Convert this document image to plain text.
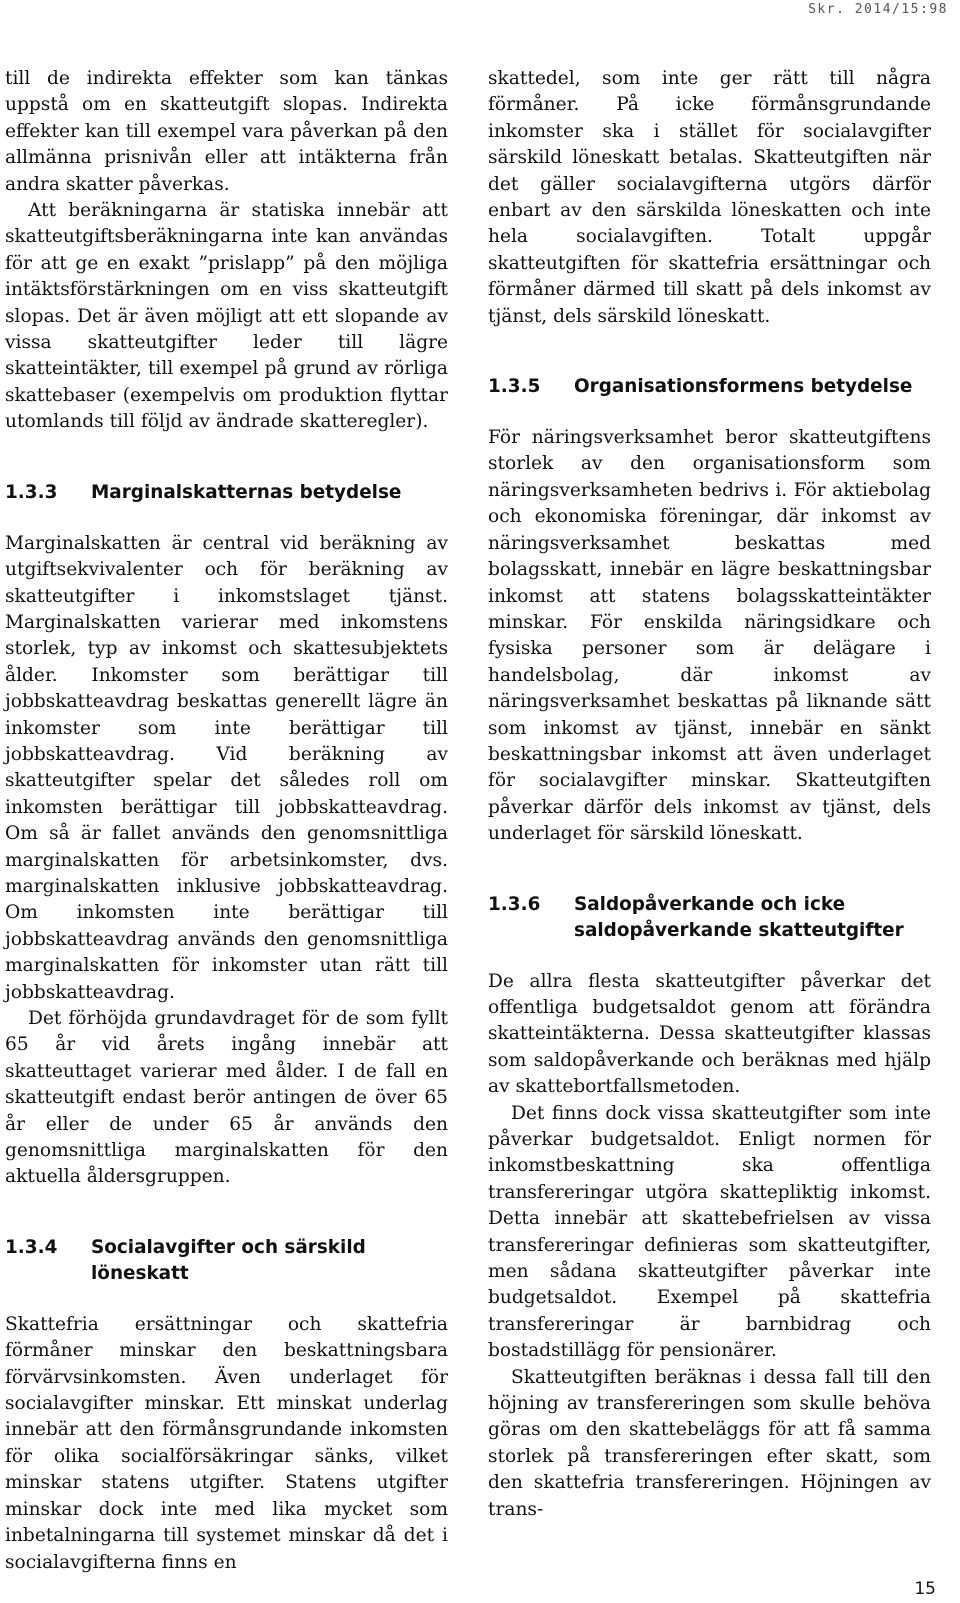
Skr. 2014/15:98

till de indirekta effekter som kan tänkas uppstå om en skatteutgift slopas. Indirekta effekter kan till exempel vara påverkan på den allmänna prisnivån eller att intäkterna från andra skatter påverkas.

Att beräkningarna är statiska innebär att skatteutgiftsberäkningarna inte kan användas för att ge en exakt ”prislapp” på den möjliga intäktsförstärkningen om en viss skatteutgift slopas. Det är även möjligt att ett slopande av vissa skatteutgifter leder till lägre skatteintäkter, till exempel på grund av rörliga skattebaser (exempelvis om produktion flyttar utomlands till följd av ändrade skatteregler).

1.3.3	Marginalskatternas betydelse

Marginalskatten är central vid beräkning av utgiftsekvivalenter och för beräkning av skatteutgifter i inkomstslaget tjänst. Marginalskatten varierar med inkomstens storlek, typ av inkomst och skattesubjektets ålder. Inkomster som berättigar till jobbskatteavdrag beskattas generellt lägre än inkomster som inte berättigar till jobbskatteavdrag. Vid beräkning av skatteutgifter spelar det således roll om inkomsten berättigar till jobbskatteavdrag. Om så är fallet används den genomsnittliga marginalskatten för arbetsinkomster, dvs. marginalskatten inklusive jobbskatteavdrag. Om inkomsten inte berättigar till jobbskatteavdrag används den genomsnittliga marginalskatten för inkomster utan rätt till jobbskatteavdrag.

Det förhöjda grundavdraget för de som fyllt 65 år vid årets ingång innebär att skatteuttaget varierar med ålder. I de fall en skatteutgift endast berör antingen de över 65 år eller de under 65 år används den genomsnittliga marginalskatten för den aktuella åldersgruppen.

1.3.4	Socialavgifter och särskild löneskatt

Skattefria ersättningar och skattefria förmåner minskar den beskattningsbara förvärvsinkomsten. Även underlaget för socialavgifter minskar. Ett minskat underlag innebär att den förmånsgrundande inkomsten för olika socialförsäkringar sänks, vilket minskar statens utgifter. Statens utgifter minskar dock inte med lika mycket som inbetalningarna till systemet minskar då det i socialavgifterna finns en

skattedel, som inte ger rätt till några förmåner. På icke förmånsgrundande inkomster ska i stället för socialavgifter särskild löneskatt betalas. Skatteutgiften när det gäller socialavgifterna utgörs därför enbart av den särskilda löneskatten och inte hela socialavgiften. Totalt uppgår skatteutgiften för skattefria ersättningar och förmåner därmed till skatt på dels inkomst av tjänst, dels särskild löneskatt.

1.3.5	Organisationsformens betydelse

För näringsverksamhet beror skatteutgiftens storlek av den organisationsform som näringsverksamheten bedrivs i. För aktiebolag och ekonomiska föreningar, där inkomst av näringsverksamhet beskattas med bolagsskatt, innebär en lägre beskattningsbar inkomst att statens bolagsskatteintäkter minskar. För enskilda näringsidkare och fysiska personer som är delägare i handelsbolag, där inkomst av näringsverksamhet beskattas på liknande sätt som inkomst av tjänst, innebär en sänkt beskattningsbar inkomst att även underlaget för socialavgifter minskar. Skatteutgiften påverkar därför dels inkomst av tjänst, dels underlaget för särskild löneskatt.

1.3.6	Saldopåverkande och icke saldopåverkande skatteutgifter

De allra flesta skatteutgifter påverkar det offentliga budgetsaldot genom att förändra skatteintäkterna. Dessa skatteutgifter klassas som saldopåverkande och beräknas med hjälp av skattebortfallsmetoden.

Det finns dock vissa skatteutgifter som inte påverkar budgetsaldot. Enligt normen för inkomstbeskattning ska offentliga transfereringar utgöra skattepliktig inkomst. Detta innebär att skattebefrielsen av vissa transfereringar definieras som skatteutgifter, men sådana skatteutgifter påverkar inte budgetsaldot. Exempel på skattefria transfereringar är barnbidrag och bostadstillägg för pensionärer.

Skatteutgiften beräknas i dessa fall till den höjning av transfereringen som skulle behöva göras om den skattebeläggs för att få samma storlek på transfereringen efter skatt, som den skattefria transfereringen. Höjningen av trans-

15
